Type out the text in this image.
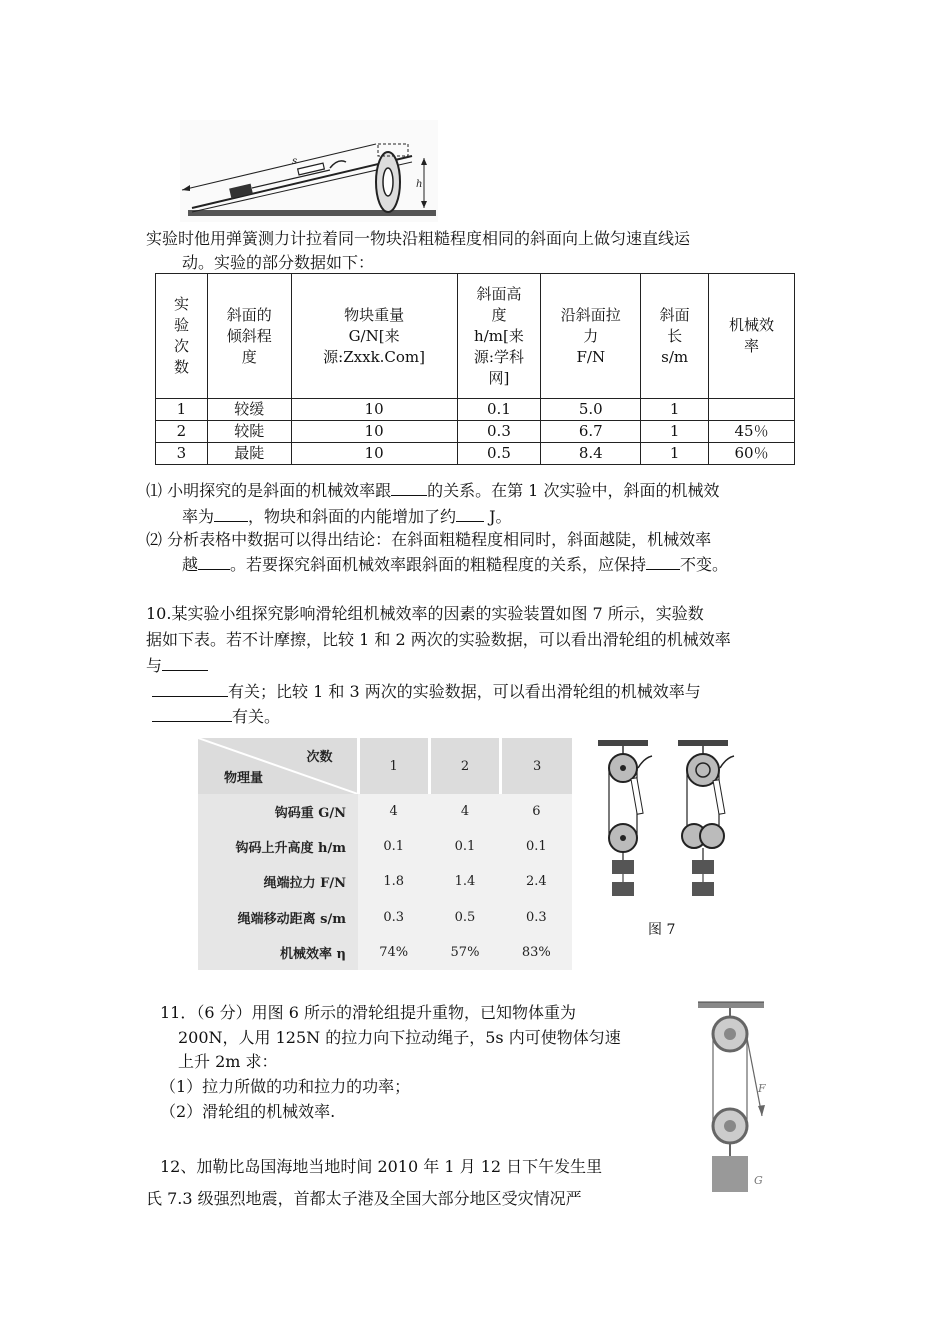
s
h
实验时他用弹簧测力计拉着同一物块沿粗糙程度相同的斜面向上做匀速直线运
动。实验的部分数据如下：
实
验
次
数	斜面的
倾斜程
度	物块重量
G/N[来
源:Zxxk.Com]	斜面高
度
h/m[来
源:学科
网]	沿斜面拉
力
F/N	斜面
长
s/m	机械效
率
1	较缓	10	0.1	5.0	1	
2	较陡	10	0.3	6.7	1	45％
3	最陡	10	0.5	8.4	1	60％
⑴ 小明探究的是斜面的机械效率跟 的关系。在第 1 次实验中，斜面的机械效
率为 ，物块和斜面的内能增加了约 J。
⑵ 分析表格中数据可以得出结论：在斜面粗糙程度相同时，斜面越陡，机械效率
越 。若要探究斜面机械效率跟斜面的粗糙程度的关系，应保持 不变。
10.某实验小组探究影响滑轮组机械效率的因素的实验装置如图 7 所示，实验数
据如下表。若不计摩擦，比较 1 和 2 两次的实验数据，可以看出滑轮组的机械效率
与
有关；比较 1 和 3 两次的实验数据，可以看出滑轮组的机械效率与
有关。
次数
物理量	1	2	3
钩码重 G/N	4	4	6
钩码上升高度 h/m	0.1	0.1	0.1
绳端拉力 F/N	1.8	1.4	2.4
绳端移动距离 s/m	0.3	0.5	0.3
机械效率 η	74%	57%	83%
图 7
11．（6 分）用图 6 所示的滑轮组提升重物，已知物体重为
200N，人用 125N 的拉力向下拉动绳子，5s 内可使物体匀速
上升 2m 求：
（1）拉力所做的功和拉力的功率；
（2）滑轮组的机械效率.
F
G
12、加勒比岛国海地当地时间 2010 年 1 月 12 日下午发生里
氏 7.3 级强烈地震，首都太子港及全国大部分地区受灾情况严
